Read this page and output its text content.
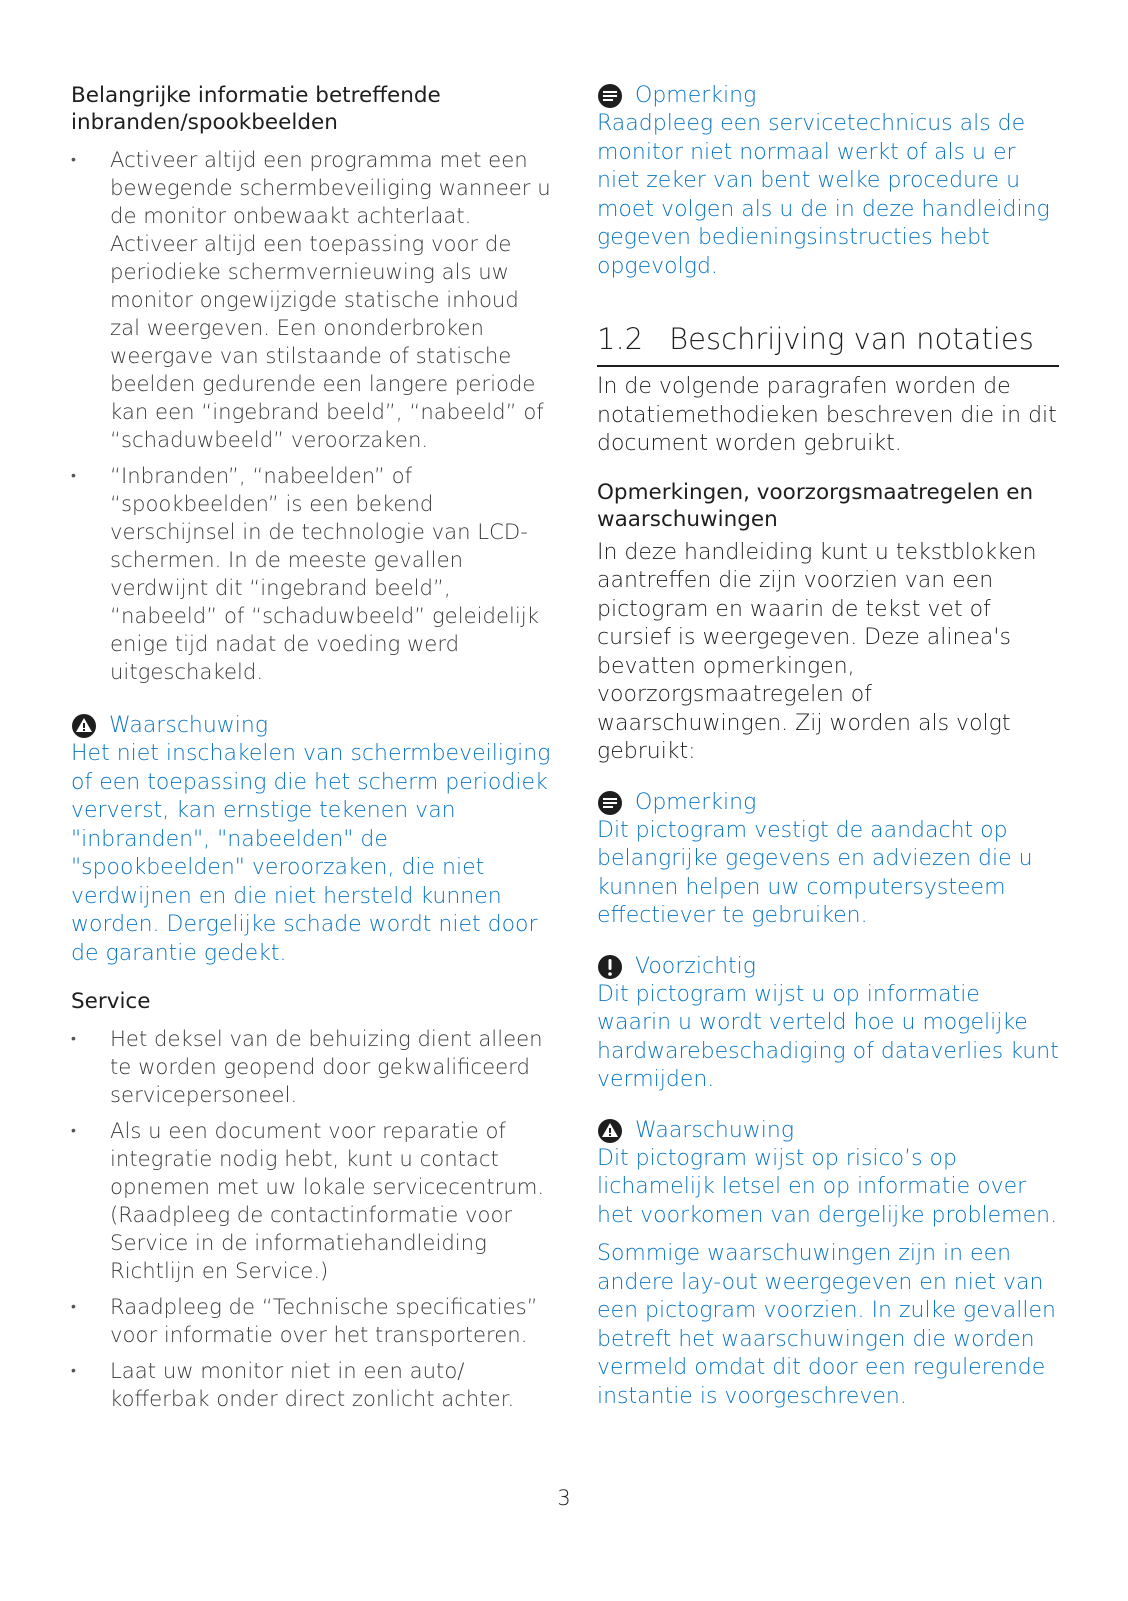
Belangrijke informatie betreffende inbranden/spookbeelden

• Activeer altijd een programma met een bewegende schermbeveiliging wanneer u de monitor onbewaakt achterlaat. Activeer altijd een toepassing voor de periodieke schermvernieuwing als uw monitor ongewijzigde statische inhoud zal weergeven. Een ononderbroken weergave van stilstaande of statische beelden gedurende een langere periode kan een “ingebrand beeld”, “nabeeld” of “schaduwbeeld” veroorzaken.
• “Inbranden”, “nabeelden” of “spookbeelden” is een bekend verschijnsel in de technologie van LCD-schermen. In de meeste gevallen verdwijnt dit “ingebrand beeld”, “nabeeld” of “schaduwbeeld” geleidelijk enige tijd nadat de voeding werd uitgeschakeld.

Waarschuwing

Het niet inschakelen van schermbeveiliging of een toepassing die het scherm periodiek ververst, kan ernstige tekenen van "inbranden", "nabeelden" de "spookbeelden" veroorzaken, die niet verdwijnen en die niet hersteld kunnen worden. Dergelijke schade wordt niet door de garantie gedekt.

Service

• Het deksel van de behuizing dient alleen te worden geopend door gekwalificeerd servicepersoneel.
• Als u een document voor reparatie of integratie nodig hebt, kunt u contact opnemen met uw lokale servicecentrum. (Raadpleeg de contactinformatie voor Service in de informatiehandleiding Richtlijn en Service.)
• Raadpleeg de “Technische specificaties” voor informatie over het transporteren.
• Laat uw monitor niet in een auto/ kofferbak onder direct zonlicht achter.

Opmerking

Raadpleeg een servicetechnicus als de monitor niet normaal werkt of als u er niet zeker van bent welke procedure u moet volgen als u de in deze handleiding gegeven bedieningsinstructies hebt opgevolgd.

1.2 Beschrijving van notaties

In de volgende paragrafen worden de notatiemethodieken beschreven die in dit document worden gebruikt.

Opmerkingen, voorzorgsmaatregelen en waarschuwingen

In deze handleiding kunt u tekstblokken aantreffen die zijn voorzien van een pictogram en waarin de tekst vet of cursief is weergegeven. Deze alinea's bevatten opmerkingen, voorzorgsmaatregelen of waarschuwingen. Zij worden als volgt gebruikt:

Opmerking

Dit pictogram vestigt de aandacht op belangrijke gegevens en adviezen die u kunnen helpen uw computersysteem effectiever te gebruiken.

Voorzichtig

Dit pictogram wijst u op informatie waarin u wordt verteld hoe u mogelijke hardwarebeschadiging of dataverlies kunt vermijden.

Waarschuwing

Dit pictogram wijst op risico’s op lichamelijk letsel en op informatie over het voorkomen van dergelijke problemen.

Sommige waarschuwingen zijn in een andere lay-out weergegeven en niet van een pictogram voorzien. In zulke gevallen betreft het waarschuwingen die worden vermeld omdat dit door een regulerende instantie is voorgeschreven.

3
